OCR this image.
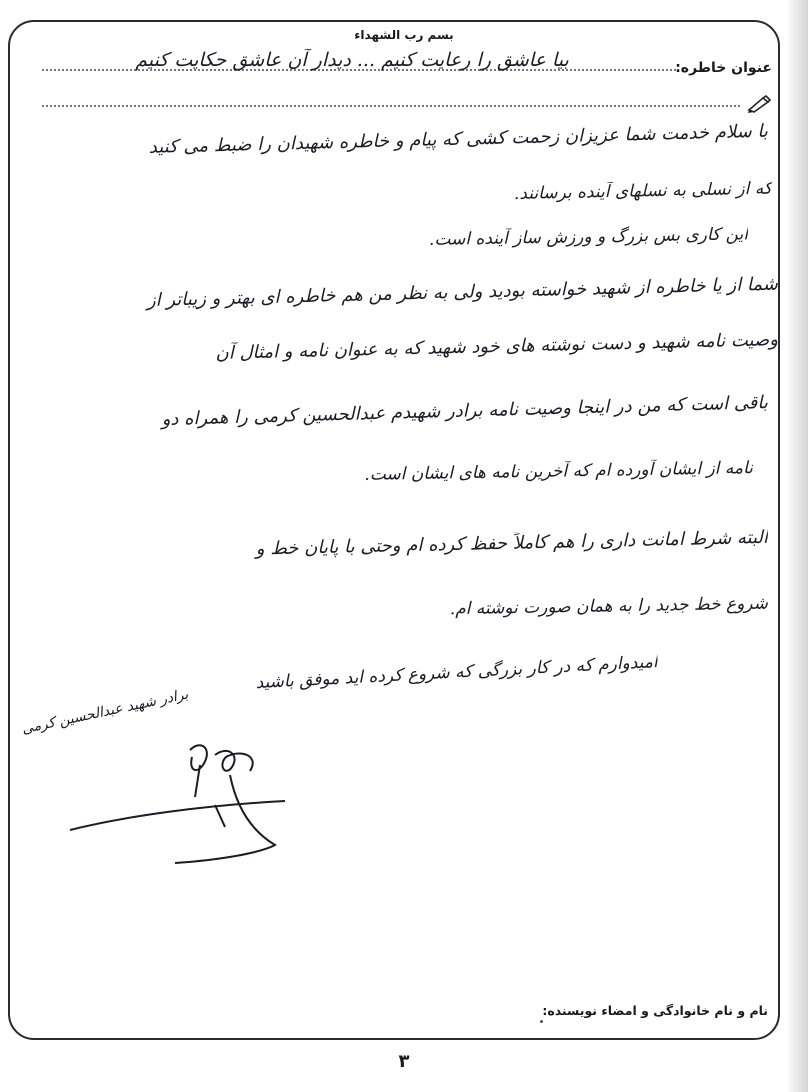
بسم رب الشهداء
عنوان خاطره:
بیا عاشق را رعایت کنیم ... دیدار آن عاشق حکایت کنیم
با سلام خدمت شما عزیزان زحمت کشی که پیام و خاطره شهیدان را ضبط می کنید
که از نسلی به نسلهای آینده برسانند.
این کاری بس بزرگ و ورزش ساز آینده است.
شما از یا خاطره از شهید خواسته بودید ولی به نظر من هم خاطره ای بهتر و زیباتر از
وصیت نامه شهید و دست نوشته های خود شهید که به عنوان نامه و امثال آن
باقی است که من در اینجا وصیت نامه برادر شهیدم عبدالحسین کرمی را همراه دو
نامه از ایشان آورده ام که آخرین نامه های ایشان است.
البته شرط امانت داری را هم کاملاً حفظ کرده ام وحتی با پایان خط و
شروع خط جدید را به همان صورت نوشته ام.
امیدوارم که در کار بزرگی که شروع کرده اید موفق باشید
برادر شهید عبدالحسین کرمی
نام و نام خانوادگی و امضاء نویسنده:
۳
